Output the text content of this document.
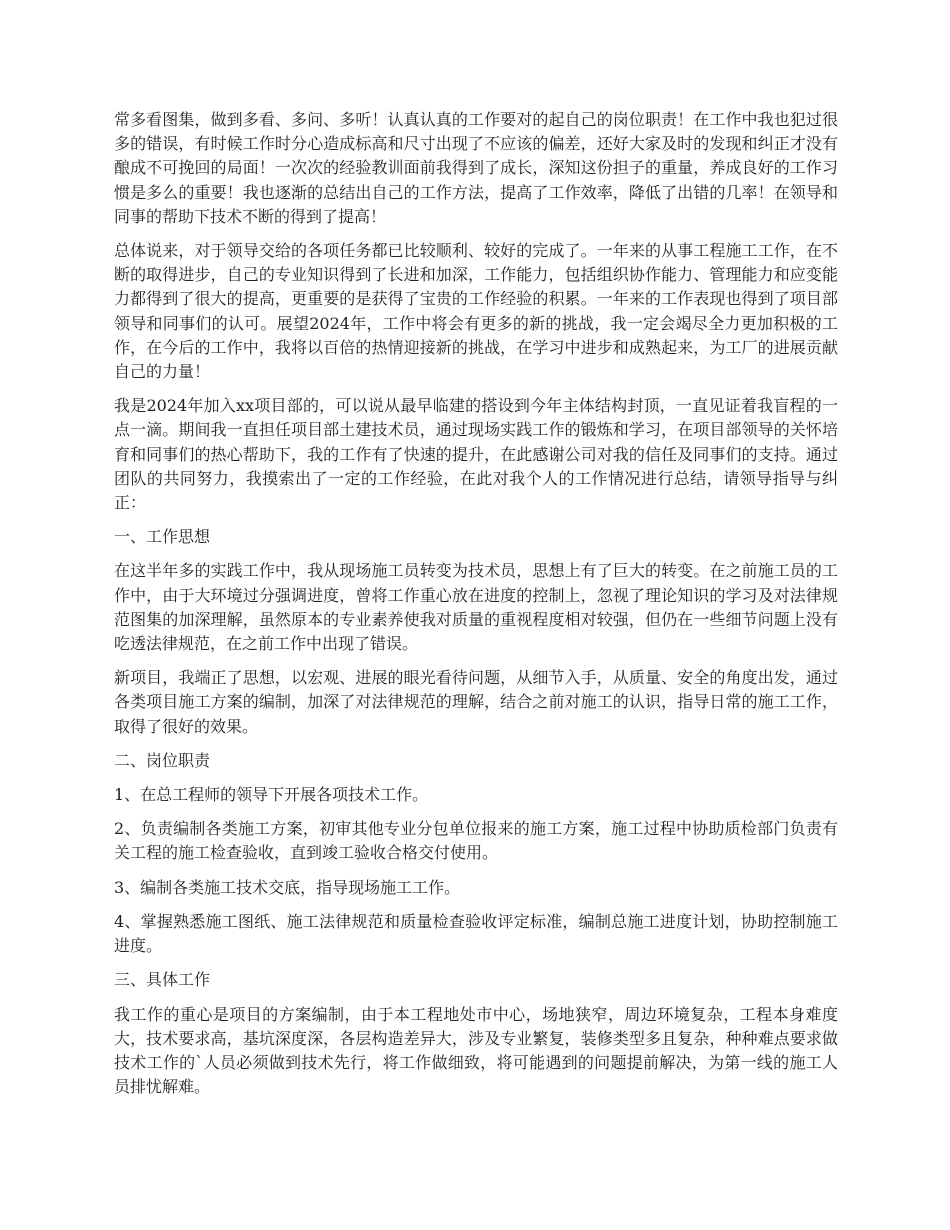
常多看图集，做到多看、多问、多听！认真认真的工作要对的起自己的岗位职责！在工作中我也犯过很多的错误，有时候工作时分心造成标高和尺寸出现了不应该的偏差，还好大家及时的发现和纠正才没有酿成不可挽回的局面！一次次的经验教训面前我得到了成长，深知这份担子的重量，养成良好的工作习惯是多么的重要！我也逐渐的总结出自己的工作方法，提高了工作效率，降低了出错的几率！在领导和同事的帮助下技术不断的得到了提高！

总体说来，对于领导交给的各项任务都已比较顺利、较好的完成了。一年来的从事工程施工工作，在不断的取得进步，自己的专业知识得到了长进和加深，工作能力，包括组织协作能力、管理能力和应变能力都得到了很大的提高，更重要的是获得了宝贵的工作经验的积累。一年来的工作表现也得到了项目部领导和同事们的认可。展望2024年，工作中将会有更多的新的挑战，我一定会竭尽全力更加积极的工作，在今后的工作中，我将以百倍的热情迎接新的挑战，在学习中进步和成熟起来，为工厂的进展贡献自己的力量！

我是2024年加入xx项目部的，可以说从最早临建的搭设到今年主体结构封顶，一直见证着我盲程的一点一滴。期间我一直担任项目部土建技术员，通过现场实践工作的锻炼和学习，在项目部领导的关怀培育和同事们的热心帮助下，我的工作有了快速的提升，在此感谢公司对我的信任及同事们的支持。通过团队的共同努力，我摸索出了一定的工作经验，在此对我个人的工作情况进行总结，请领导指导与纠正：

一、工作思想

在这半年多的实践工作中，我从现场施工员转变为技术员，思想上有了巨大的转变。在之前施工员的工作中，由于大环境过分强调进度，曾将工作重心放在进度的控制上，忽视了理论知识的学习及对法律规范图集的加深理解，虽然原本的专业素养使我对质量的重视程度相对较强，但仍在一些细节问题上没有吃透法律规范，在之前工作中出现了错误。

新项目，我端正了思想，以宏观、进展的眼光看待问题，从细节入手，从质量、安全的角度出发，通过各类项目施工方案的编制，加深了对法律规范的理解，结合之前对施工的认识，指导日常的施工工作，取得了很好的效果。

二、岗位职责

1、在总工程师的领导下开展各项技术工作。

2、负责编制各类施工方案，初审其他专业分包单位报来的施工方案，施工过程中协助质检部门负责有关工程的施工检查验收，直到竣工验收合格交付使用。

3、编制各类施工技术交底，指导现场施工工作。

4、掌握熟悉施工图纸、施工法律规范和质量检查验收评定标准，编制总施工进度计划，协助控制施工进度。

三、具体工作

我工作的重心是项目的方案编制，由于本工程地处市中心，场地狭窄，周边环境复杂，工程本身难度大，技术要求高，基坑深度深，各层构造差异大，涉及专业繁复，装修类型多且复杂，种种难点要求做技术工作的`人员必须做到技术先行，将工作做细致，将可能遇到的问题提前解决，为第一线的施工人员排忧解难。
